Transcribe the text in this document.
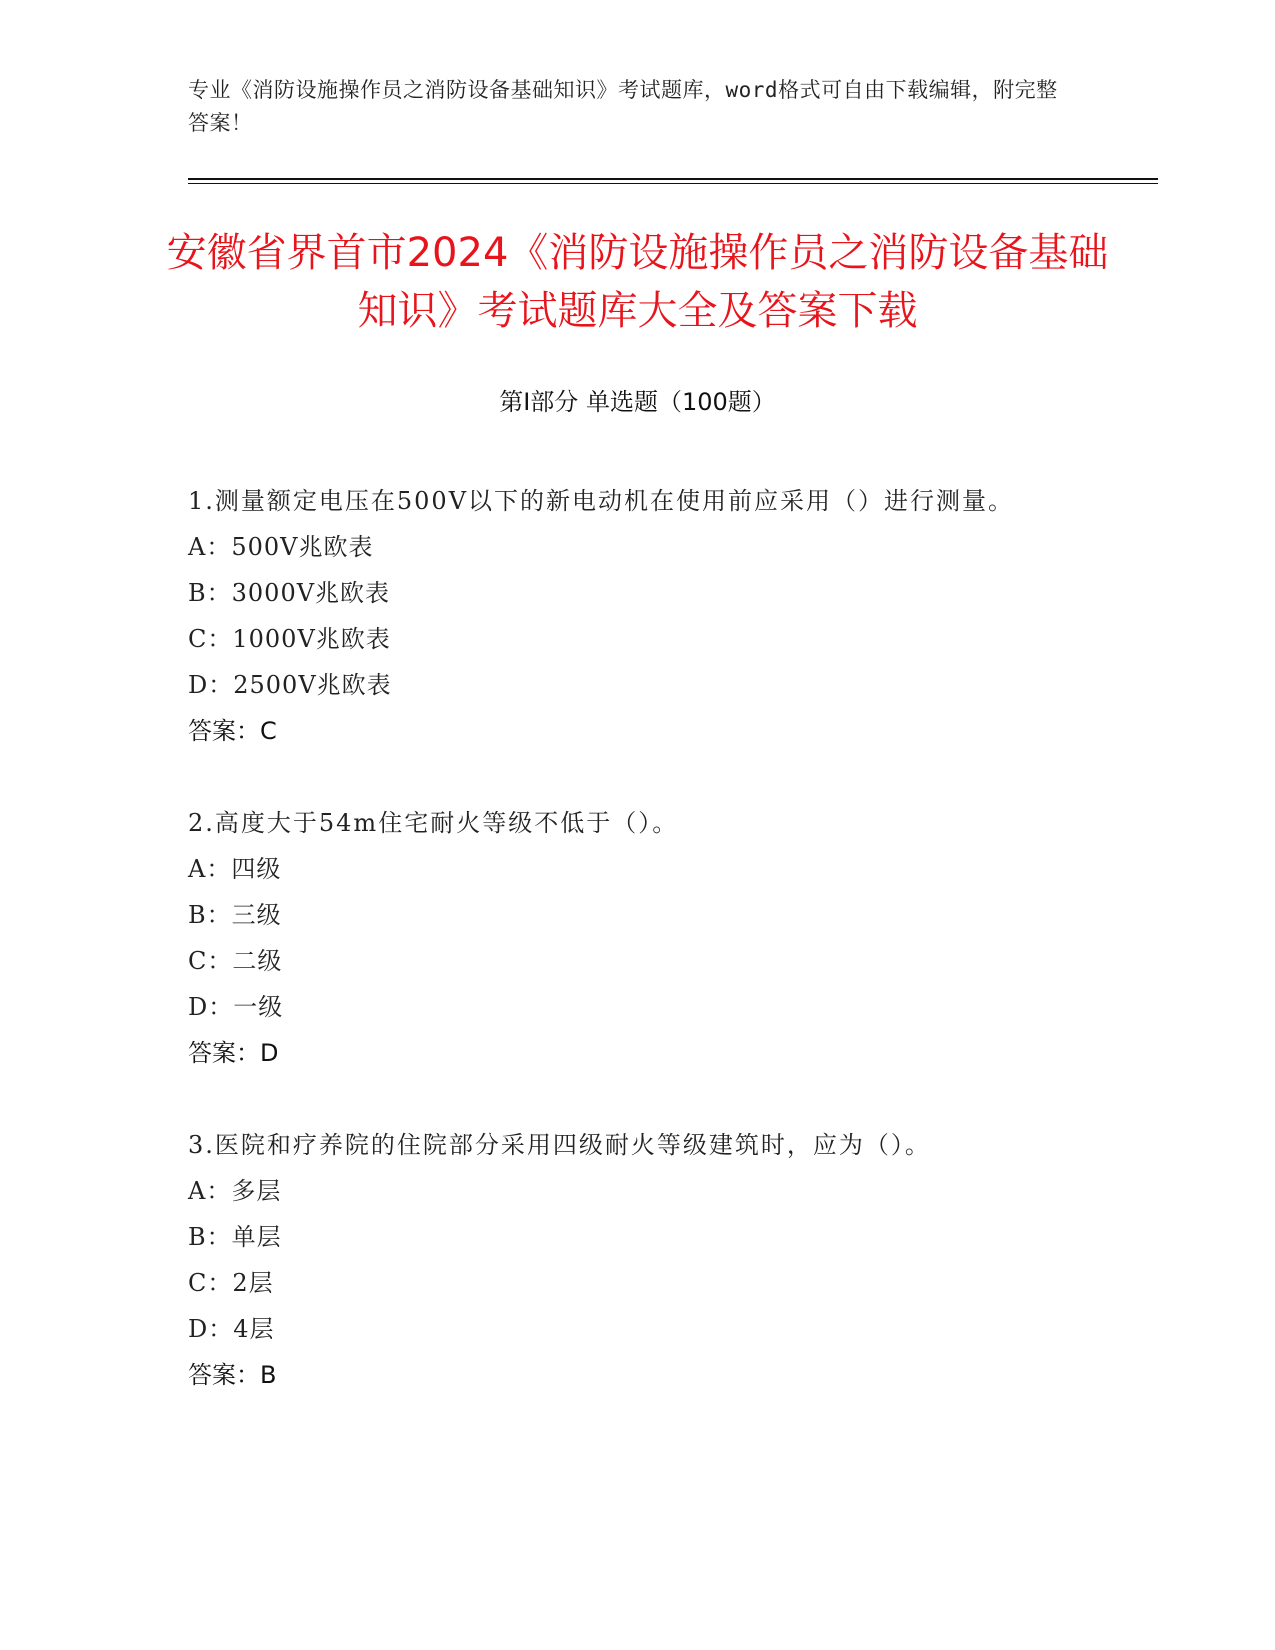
专业《消防设施操作员之消防设备基础知识》考试题库，word格式可自由下载编辑，附完整答案！
安徽省界首市2024《消防设施操作员之消防设备基础知识》考试题库大全及答案下载
第Ⅰ部分 单选题（100题）
1.测量额定电压在500V以下的新电动机在使用前应采用（）进行测量。
A： 500V兆欧表
B： 3000V兆欧表
C： 1000V兆欧表
D： 2500V兆欧表
答案：C
2.高度大于54m住宅耐火等级不低于（）。
A： 四级
B： 三级
C： 二级
D： 一级
答案：D
3.医院和疗养院的住院部分采用四级耐火等级建筑时，应为（）。
A： 多层
B： 单层
C： 2层
D： 4层
答案：B
